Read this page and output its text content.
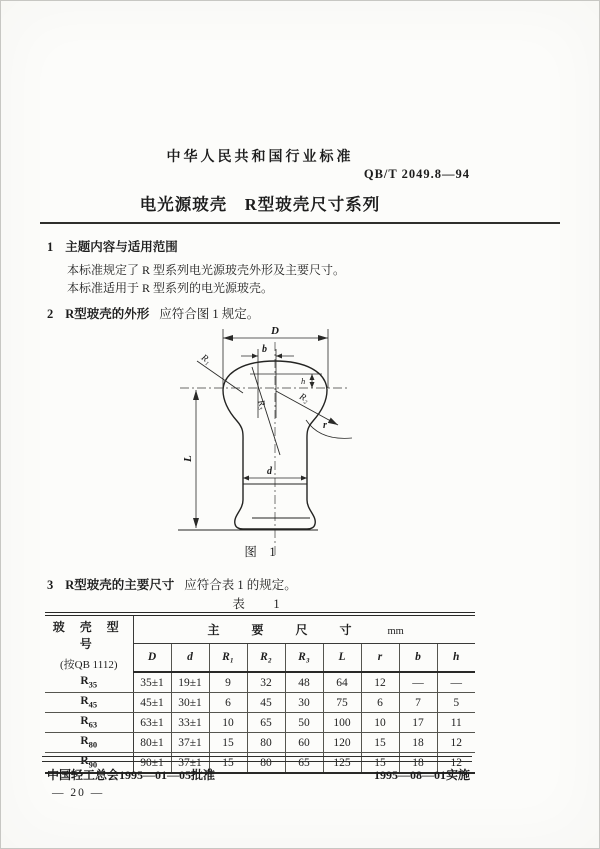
中华人民共和国行业标准
QB/T 2049.8—94
电光源玻壳　R型玻壳尺寸系列
1 主题内容与适用范围
本标准规定了 R 型系列电光源玻壳外形及主要尺寸。
本标准适用于 R 型系列的电光源玻壳。
2 R型玻壳的外形 应符合图 1 规定。
D
b
h
L
d
R₁
R₃	R₂
r
图　1
3 R型玻壳的主要尺寸 应符合表 1 的规定。
表　1
玻 壳 型 号
(按QB 1112)	主要尺寸 mm								

	D	d	R₁	R₂	R₃	L	r	b	h
$R_{35}$	35±1	19±1	9	32	48	64	12	—	—
$R_{45}$	45±1	30±1	6	45	30	75	6	7	5
$R_{63}$	63±1	33±1	10	65	50	100	10	17	11
$R_{80}$	80±1	37±1	15	80	60	120	15	18	12
$R_{90}$	90±1	37±1	15	80	65	125	15	18	12
中国轻工总会1995—01—05批准	1995—08—01实施
— 20 —
